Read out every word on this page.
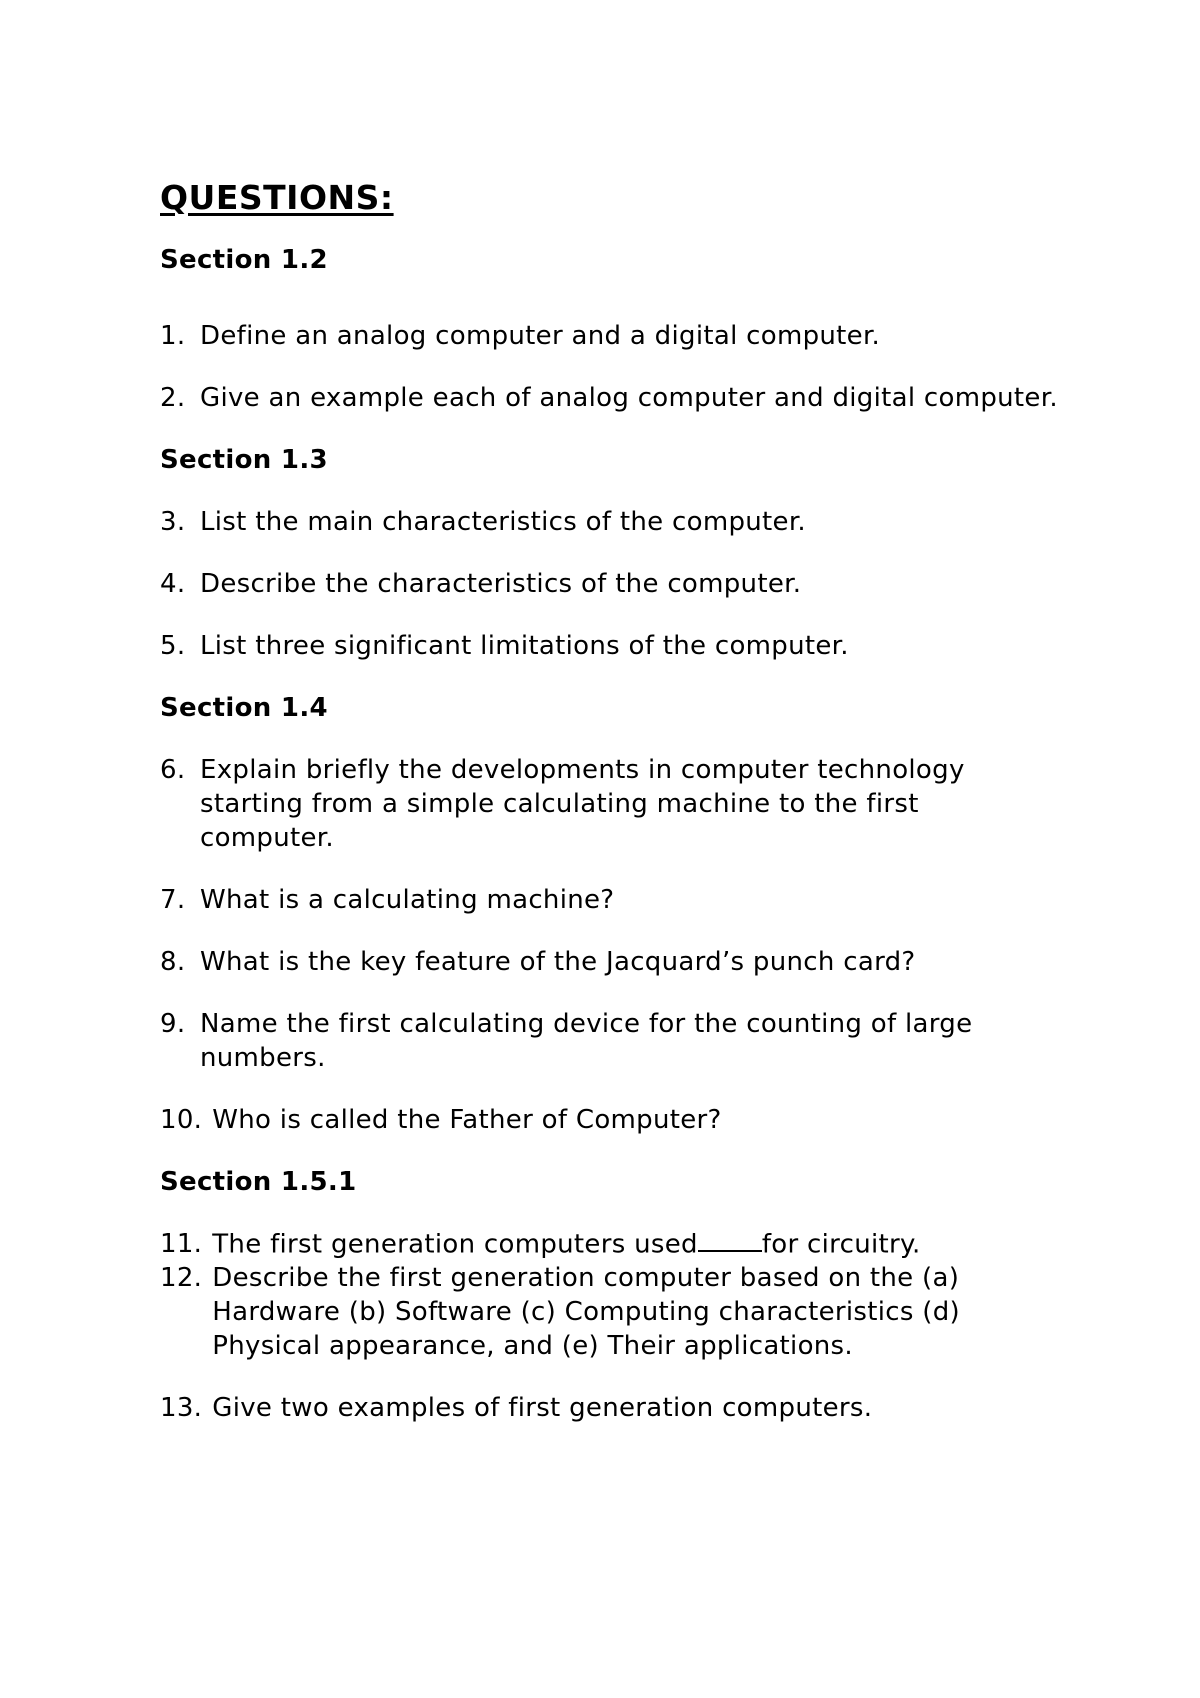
QUESTIONS:
Section 1.2
1. Define an analog computer and a digital computer.
2. Give an example each of analog computer and digital computer.
Section 1.3
3. List the main characteristics of the computer.
4. Describe the characteristics of the computer.
5. List three significant limitations of the computer.
Section 1.4
6. Explain briefly the developments in computer technology starting from a simple calculating machine to the first computer.
7. What is a calculating machine?
8. What is the key feature of the Jacquard’s punch card?
9. Name the first calculating device for the counting of large numbers.
10. Who is called the Father of Computer?
Section 1.5.1
11. The first generation computers used for circuitry.
12. Describe the first generation computer based on the (a) Hardware (b) Software (c) Computing characteristics (d) Physical appearance, and (e) Their applications.
13. Give two examples of first generation computers.
